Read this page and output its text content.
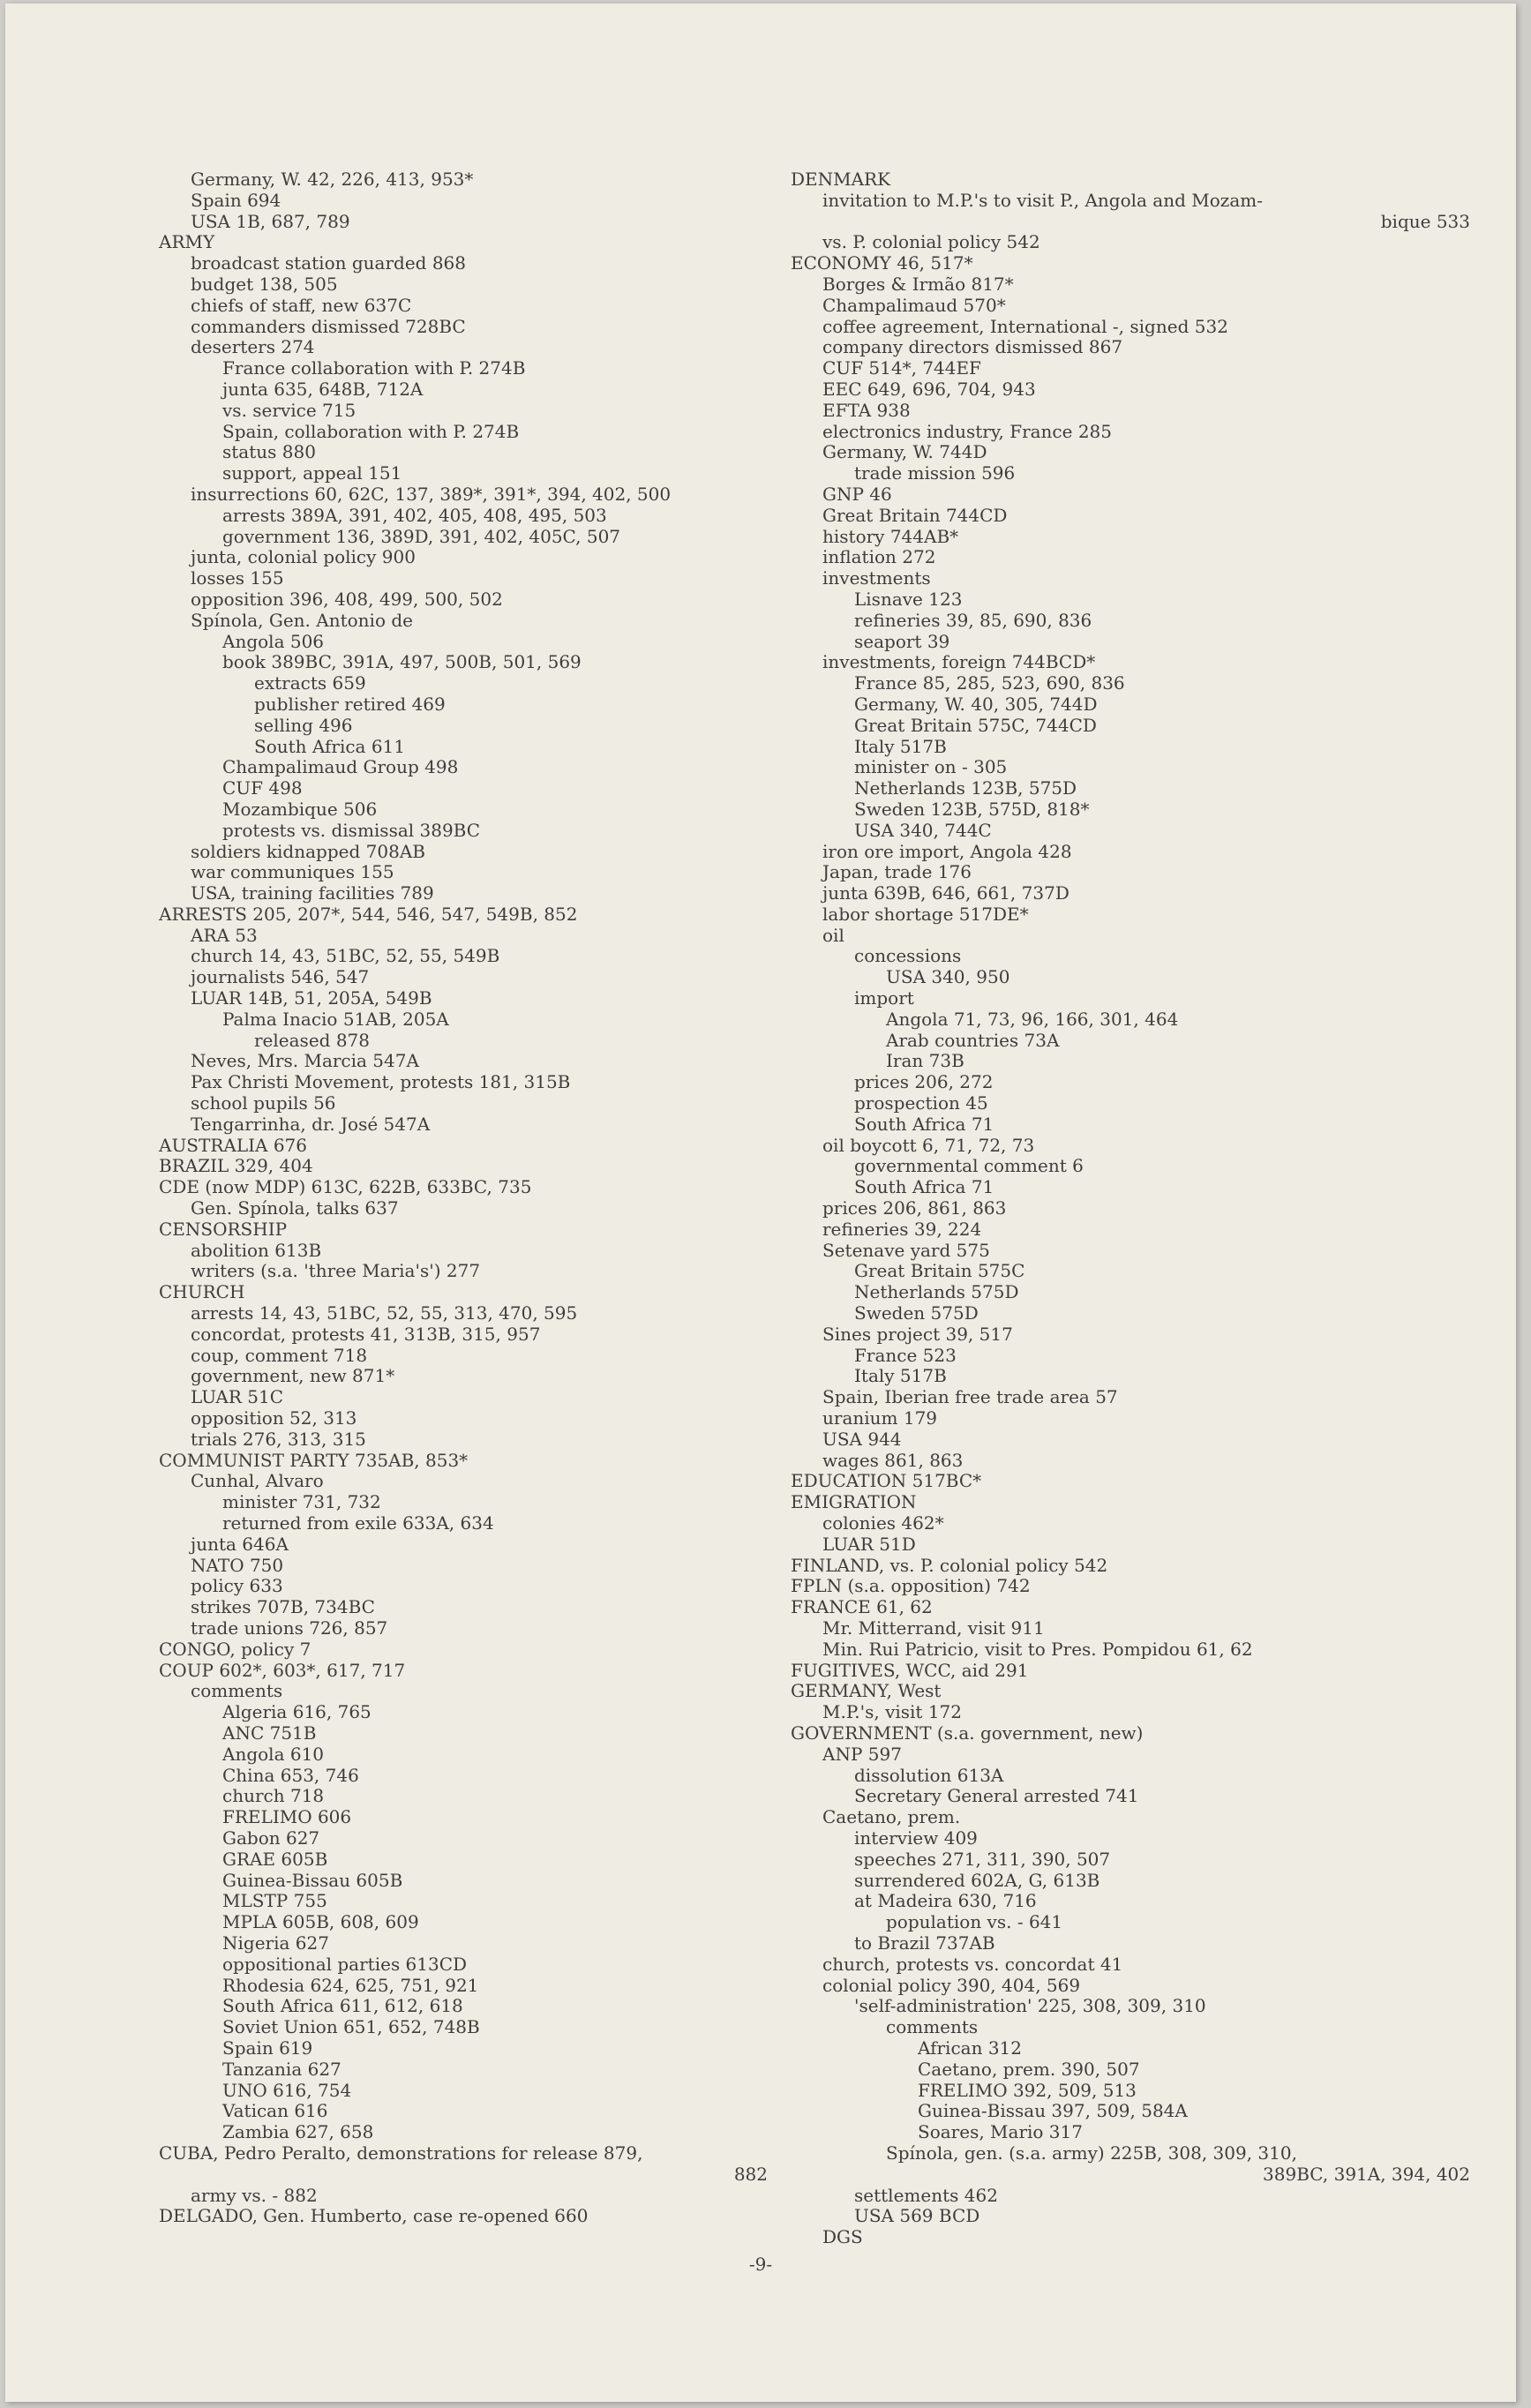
Germany, W. 42, 226, 413, 953*
Spain 694
USA 1B, 687, 789
ARMY
broadcast station guarded 868
budget 138, 505
chiefs of staff, new 637C
commanders dismissed 728BC
deserters 274
France collaboration with P. 274B
junta 635, 648B, 712A
vs. service 715
Spain, collaboration with P. 274B
status 880
support, appeal 151
insurrections 60, 62C, 137, 389*, 391*, 394, 402, 500
arrests 389A, 391, 402, 405, 408, 495, 503
government 136, 389D, 391, 402, 405C, 507
junta, colonial policy 900
losses 155
opposition 396, 408, 499, 500, 502
Spínola, Gen. Antonio de
Angola 506
book 389BC, 391A, 497, 500B, 501, 569
extracts 659
publisher retired 469
selling 496
South Africa 611
Champalimaud Group 498
CUF 498
Mozambique 506
protests vs. dismissal 389BC
soldiers kidnapped 708AB
war communiques 155
USA, training facilities 789
ARRESTS 205, 207*, 544, 546, 547, 549B, 852
ARA 53
church 14, 43, 51BC, 52, 55, 549B
journalists 546, 547
LUAR 14B, 51, 205A, 549B
Palma Inacio 51AB, 205A
released 878
Neves, Mrs. Marcia 547A
Pax Christi Movement, protests 181, 315B
school pupils 56
Tengarrinha, dr. José 547A
AUSTRALIA 676
BRAZIL 329, 404
CDE (now MDP) 613C, 622B, 633BC, 735
Gen. Spínola, talks 637
CENSORSHIP
abolition 613B
writers (s.a. 'three Maria's') 277
CHURCH
arrests 14, 43, 51BC, 52, 55, 313, 470, 595
concordat, protests 41, 313B, 315, 957
coup, comment 718
government, new 871*
LUAR 51C
opposition 52, 313
trials 276, 313, 315
COMMUNIST PARTY 735AB, 853*
Cunhal, Alvaro
minister 731, 732
returned from exile 633A, 634
junta 646A
NATO 750
policy 633
strikes 707B, 734BC
trade unions 726, 857
CONGO, policy 7
COUP 602*, 603*, 617, 717
comments
Algeria 616, 765
ANC 751B
Angola 610
China 653, 746
church 718
FRELIMO 606
Gabon 627
GRAE 605B
Guinea-Bissau 605B
MLSTP 755
MPLA 605B, 608, 609
Nigeria 627
oppositional parties 613CD
Rhodesia 624, 625, 751, 921
South Africa 611, 612, 618
Soviet Union 651, 652, 748B
Spain 619
Tanzania 627
UNO 616, 754
Vatican 616
Zambia 627, 658
CUBA, Pedro Peralto, demonstrations for release 879,
882
army vs. - 882
DELGADO, Gen. Humberto, case re-opened 660
DENMARK
invitation to M.P.'s to visit P., Angola and Mozam-
bique 533
vs. P. colonial policy 542
ECONOMY 46, 517*
Borges & Irmão 817*
Champalimaud 570*
coffee agreement, International -, signed 532
company directors dismissed 867
CUF 514*, 744EF
EEC 649, 696, 704, 943
EFTA 938
electronics industry, France 285
Germany, W. 744D
trade mission 596
GNP 46
Great Britain 744CD
history 744AB*
inflation 272
investments
Lisnave 123
refineries 39, 85, 690, 836
seaport 39
investments, foreign 744BCD*
France 85, 285, 523, 690, 836
Germany, W. 40, 305, 744D
Great Britain 575C, 744CD
Italy 517B
minister on - 305
Netherlands 123B, 575D
Sweden 123B, 575D, 818*
USA 340, 744C
iron ore import, Angola 428
Japan, trade 176
junta 639B, 646, 661, 737D
labor shortage 517DE*
oil
concessions
USA 340, 950
import
Angola 71, 73, 96, 166, 301, 464
Arab countries 73A
Iran 73B
prices 206, 272
prospection 45
South Africa 71
oil boycott 6, 71, 72, 73
governmental comment 6
South Africa 71
prices 206, 861, 863
refineries 39, 224
Setenave yard 575
Great Britain 575C
Netherlands 575D
Sweden 575D
Sines project 39, 517
France 523
Italy 517B
Spain, Iberian free trade area 57
uranium 179
USA 944
wages 861, 863
EDUCATION 517BC*
EMIGRATION
colonies 462*
LUAR 51D
FINLAND, vs. P. colonial policy 542
FPLN (s.a. opposition) 742
FRANCE 61, 62
Mr. Mitterrand, visit 911
Min. Rui Patricio, visit to Pres. Pompidou 61, 62
FUGITIVES, WCC, aid 291
GERMANY, West
M.P.'s, visit 172
GOVERNMENT (s.a. government, new)
ANP 597
dissolution 613A
Secretary General arrested 741
Caetano, prem.
interview 409
speeches 271, 311, 390, 507
surrendered 602A, G, 613B
at Madeira 630, 716
population vs. - 641
to Brazil 737AB
church, protests vs. concordat 41
colonial policy 390, 404, 569
'self-administration' 225, 308, 309, 310
comments
African 312
Caetano, prem. 390, 507
FRELIMO 392, 509, 513
Guinea-Bissau 397, 509, 584A
Soares, Mario 317
Spínola, gen. (s.a. army) 225B, 308, 309, 310,
389BC, 391A, 394, 402
settlements 462
USA 569 BCD
DGS
-9-
